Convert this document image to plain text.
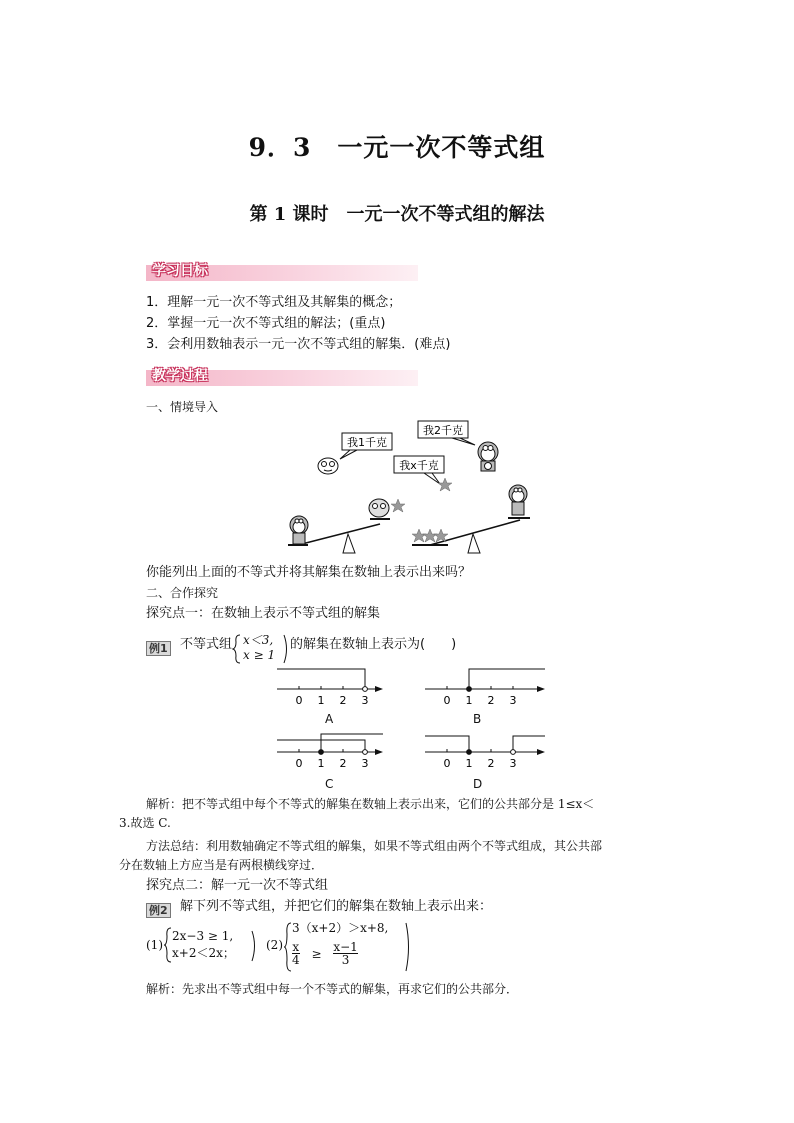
9．3　一元一次不等式组
第 1 课时　一元一次不等式组的解法
学习目标
1．理解一元一次不等式组及其解集的概念；
2．掌握一元一次不等式组的解法；(重点)
3．会利用数轴表示一元一次不等式组的解集．(难点)
教学过程
一、情境导入
我1千克
我2千克
我x千克
你能列出上面的不等式并将其解集在数轴上表示出来吗？
二、合作探究
探究点一：在数轴上表示不等式组的解集
例1 不等式组 x＜3,
x ≥ 1
的解集在数轴上表示为(　　)
0 1 2 3
A
0 1 2 3
B
0 1 2 3
C
0 1 2 3
D
解析：把不等式组中每个不等式的解集在数轴上表示出来，它们的公共部分是 1≤x＜
3.故选 C.
方法总结：利用数轴确定不等式组的解集，如果不等式组由两个不等式组成，其公共部
分在数轴上方应当是有两根横线穿过．
探究点二：解一元一次不等式组
例2 解下列不等式组，并把它们的解集在数轴上表示出来：
(1)
2x−3 ≥ 1,
x+2＜2x；
(2)
3（x+2）＞x+8,
$\frac{x}{4} \ge \frac{x-1}{3}$
解析：先求出不等式组中每一个不等式的解集，再求它们的公共部分．
